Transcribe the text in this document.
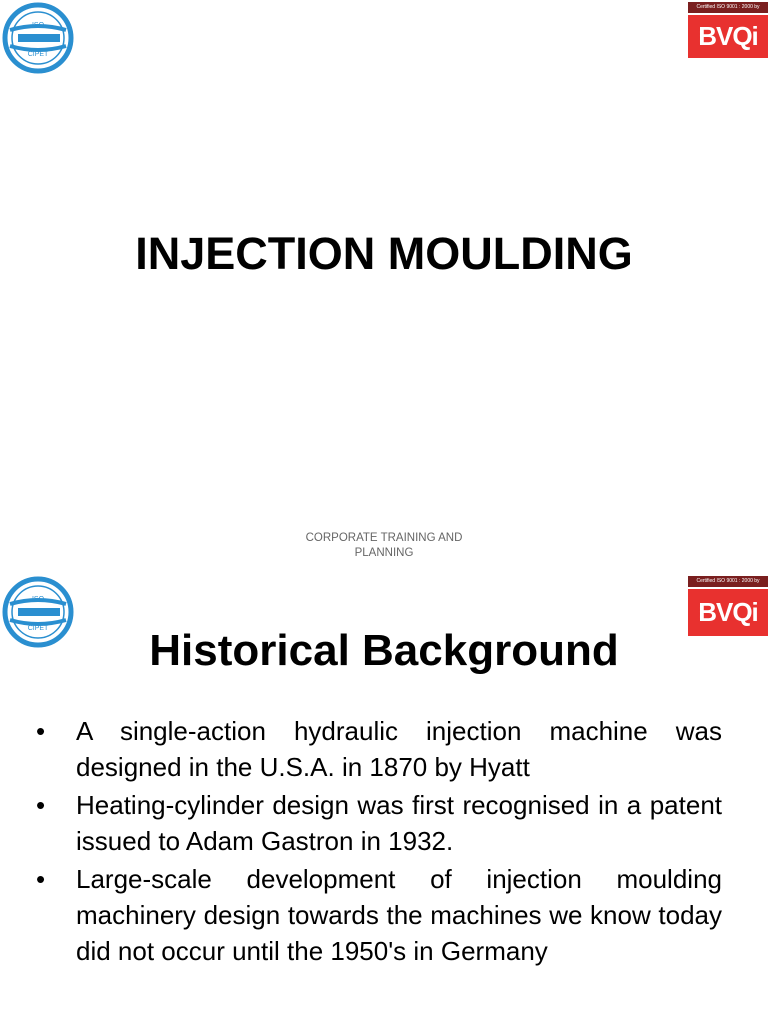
ISO
CIPET
Certified ISO 9001 : 2000 by
BVQi
INJECTION MOULDING
CORPORATE TRAINING AND
PLANNING
ISO
CIPET
Certified ISO 9001 : 2000 by
BVQi
Historical Background
• A single-action hydraulic injection machine was designed in the U.S.A. in 1870 by Hyatt
• Heating-cylinder design was first recognised in a patent issued to Adam Gastron in 1932.
• Large-scale development of injection moulding machinery design towards the machines we know today did not occur until the 1950's in Germany
